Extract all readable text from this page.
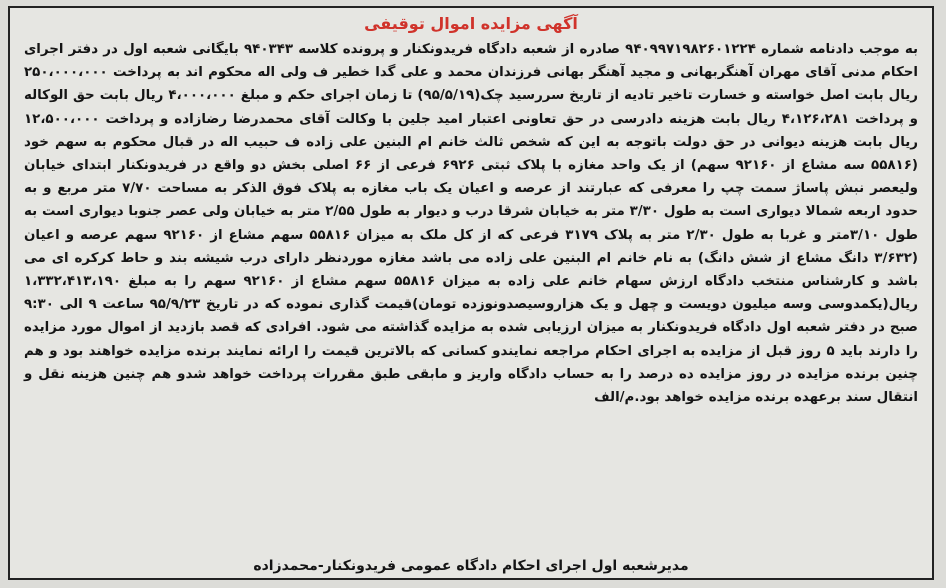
آگهی مزایده اموال توقیفی

به موجب دادنامه شماره ۹۴۰۹۹۷۱۹۸۲۶۰۱۲۲۴ صادره از شعبه دادگاه فریدونکنار و پرونده کلاسه ۹۴۰۳۴۳ بایگانی شعبه اول در دفتر اجرای احکام مدنی آقای مهران آهنگربهانی و مجید آهنگر بهانی فرزندان محمد و علی گدا خطیر ف ولی اله محکوم اند به پرداخت ۲۵۰،۰۰۰،۰۰۰ ریال بابت اصل خواسته و خسارت تاخیر تادیه از تاریخ سررسید چک(۹۵/۵/۱۹) تا زمان اجرای حکم و مبلغ ۴،۰۰۰،۰۰۰ ریال بابت حق الوکاله و پرداخت ۴،۱۲۶،۲۸۱ ریال بابت هزینه دادرسی در حق تعاونی اعتبار امید جلین با وکالت آقای محمدرضا رضازاده و پرداخت ۱۲،۵۰۰،۰۰۰ ریال بابت هزینه دیوانی در حق دولت باتوجه به این که شخص ثالث خانم ام البنین علی زاده ف حبیب اله در قبال محکوم به سهم خود (۵۵۸۱۶ سه مشاع از ۹۲۱۶۰ سهم) از یک واحد مغازه با پلاک ثبتی ۶۹۲۶ فرعی از ۶۶ اصلی بخش دو واقع در فریدونکنار ابتدای خیابان ولیعصر نبش پاساژ سمت چپ را معرفی که عبارتند از عرصه و اعیان یک باب مغازه به پلاک فوق الذکر به مساحت ۷/۷۰ متر مربع و به حدود اربعه شمالا دیواری است به طول ۳/۳۰ متر به خیابان شرقا درب و دیوار به طول ۲/۵۵ متر به خیابان ولی عصر جنوبا دیواری است به طول ۳/۱۰متر و غربا به طول ۲/۳۰ متر به پلاک ۳۱۷۹ فرعی که از کل ملک به میزان ۵۵۸۱۶ سهم مشاع از ۹۲۱۶۰ سهم عرصه و اعیان (۳/۶۳۲ دانگ مشاع از شش دانگ) به نام خانم ام البنین علی زاده می باشد مغازه موردنظر دارای درب شیشه بند و حاط کرکره ای می باشد و کارشناس منتخب دادگاه ارزش سهام خانم علی زاده به میزان ۵۵۸۱۶ سهم مشاع از ۹۲۱۶۰ سهم را به مبلغ ۱،۳۳۲،۴۱۳،۱۹۰ ریال(یکمدوسی وسه میلیون دویست و چهل و یک هزاروسیصدونوزده تومان)قیمت گذاری نموده که در تاریخ ۹۵/۹/۲۳ ساعت ۹ الی ۹:۳۰ صبح در دفتر شعبه اول دادگاه فریدونکنار به میزان ارزیابی شده به مزایده گذاشته می شود. افرادی که قصد بازدید از اموال مورد مزایده را دارند باید ۵ روز قبل از مزایده به اجرای احکام مراجعه نمایندو کسانی که بالاترین قیمت را ارائه نمایند برنده مزایده خواهند بود و هم چنین برنده مزایده در روز مزایده ده درصد را به حساب دادگاه واریز و مابقی طبق مقررات پرداخت خواهد شدو هم چنین هزینه نقل و انتقال سند برعهده برنده مزایده خواهد بود.م/الف

مدیرشعبه اول اجرای احکام دادگاه عمومی فریدونکنار-محمدزاده
